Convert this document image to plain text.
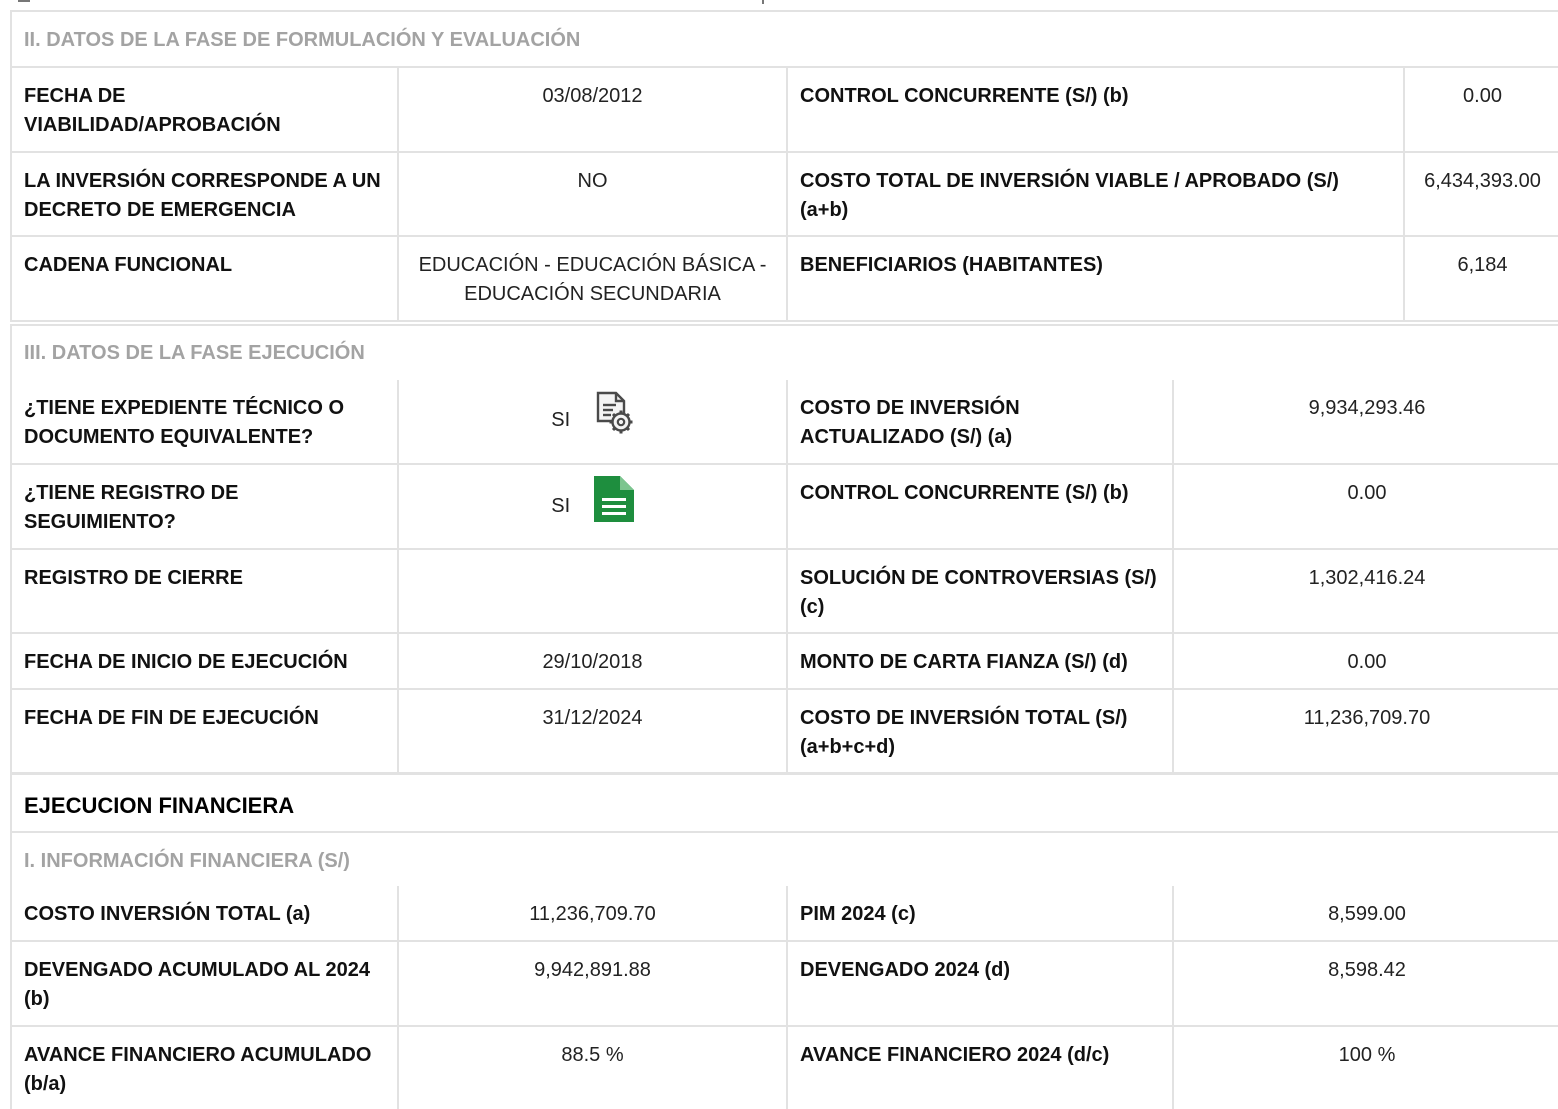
II. DATOS DE LA FASE DE FORMULACIÓN Y EVALUACIÓN
FECHA DE VIABILIDAD/APROBACIÓN	03/08/2012	CONTROL CONCURRENTE (S/) (b)	0.00
LA INVERSIÓN CORRESPONDE A UN DECRETO DE EMERGENCIA	NO	COSTO TOTAL DE INVERSIÓN VIABLE / APROBADO (S/) (a+b)	6,434,393.00
CADENA FUNCIONAL	EDUCACIÓN - EDUCACIÓN BÁSICA - EDUCACIÓN SECUNDARIA	BENEFICIARIOS (HABITANTES)	6,184
III. DATOS DE LA FASE EJECUCIÓN
¿TIENE EXPEDIENTE TÉCNICO O DOCUMENTO EQUIVALENTE?	SI	COSTO DE INVERSIÓN ACTUALIZADO (S/) (a)	9,934,293.46
¿TIENE REGISTRO DE SEGUIMIENTO?	SI	CONTROL CONCURRENTE (S/) (b)	0.00
REGISTRO DE CIERRE		SOLUCIÓN DE CONTROVERSIAS (S/) (c)	1,302,416.24
FECHA DE INICIO DE EJECUCIÓN	29/10/2018	MONTO DE CARTA FIANZA (S/) (d)	0.00
FECHA DE FIN DE EJECUCIÓN	31/12/2024	COSTO DE INVERSIÓN TOTAL (S/) (a+b+c+d)	11,236,709.70
EJECUCION FINANCIERA			
I. INFORMACIÓN FINANCIERA (S/)			
COSTO INVERSIÓN TOTAL (a)	11,236,709.70	PIM 2024 (c)	8,599.00
DEVENGADO ACUMULADO AL 2024 (b)	9,942,891.88	DEVENGADO 2024 (d)	8,598.42
AVANCE FINANCIERO ACUMULADO (b/a)	88.5 %	AVANCE FINANCIERO 2024 (d/c)	100 %
